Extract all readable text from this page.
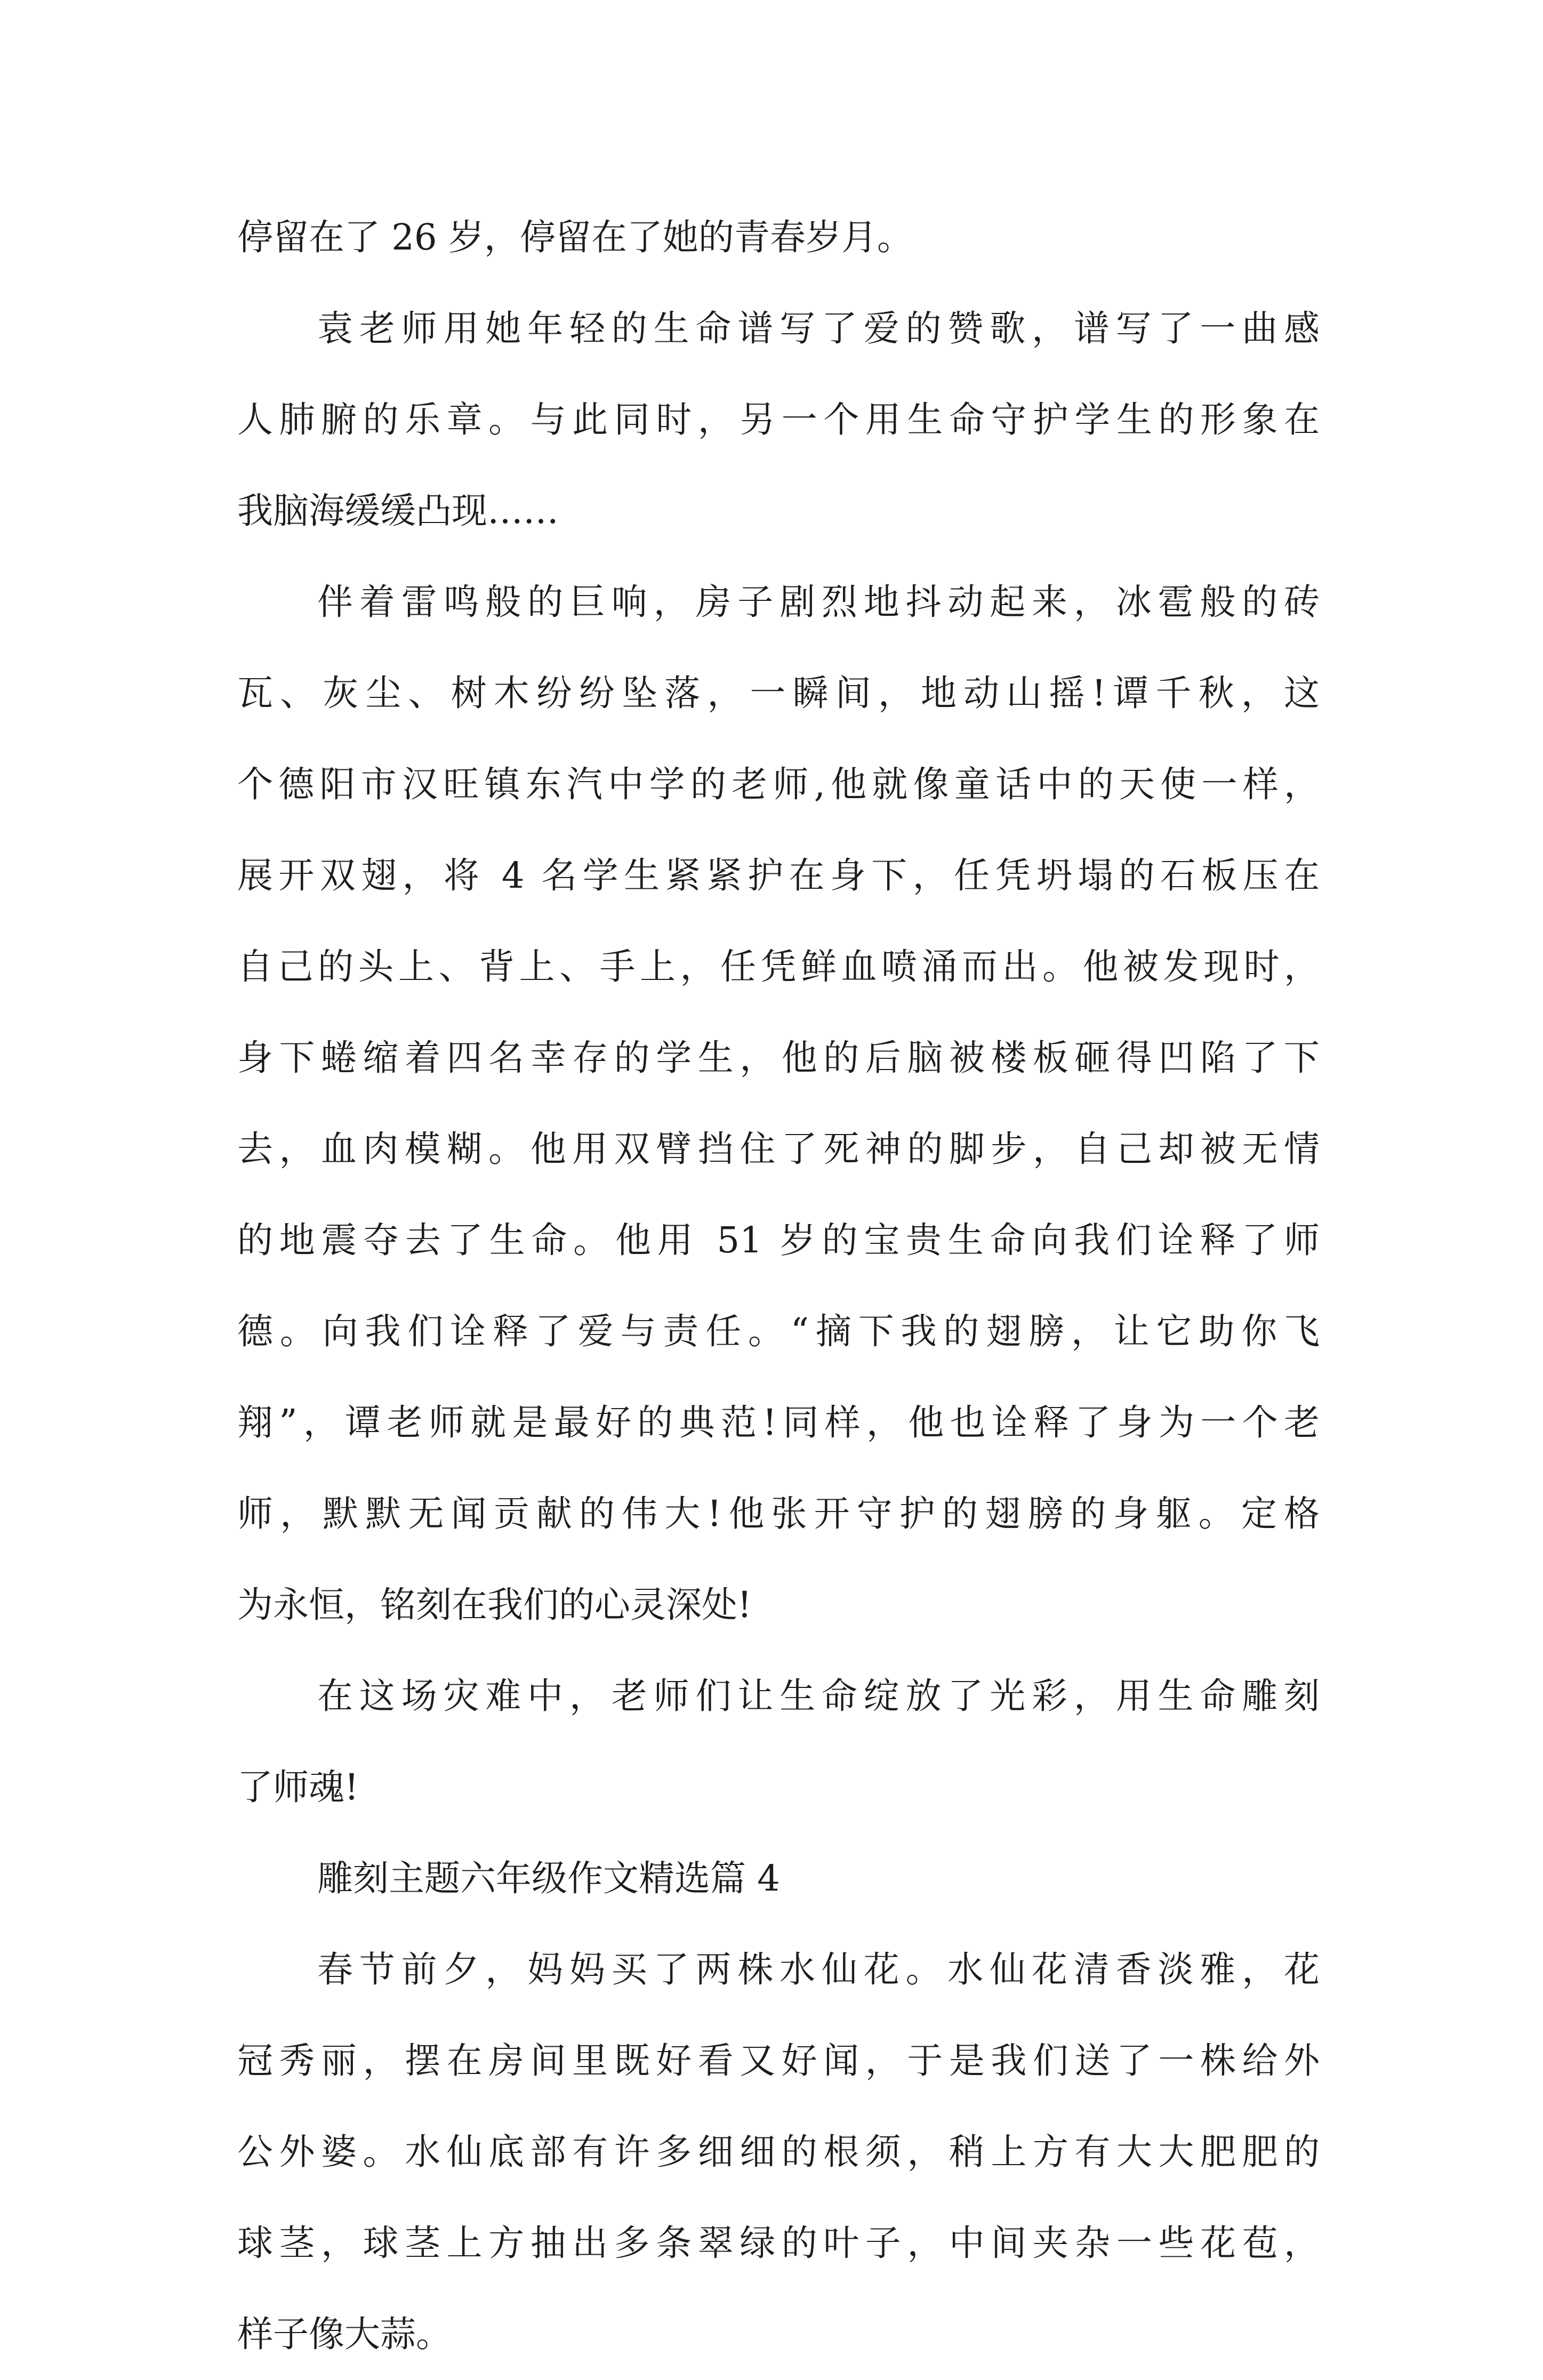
停留在了 26 岁，停留在了她的青春岁月。
袁老师用她年轻的生命谱写了爱的赞歌，谱写了一曲感
人肺腑的乐章。与此同时，另一个用生命守护学生的形象在
我脑海缓缓凸现……
伴着雷鸣般的巨响，房子剧烈地抖动起来，冰雹般的砖
瓦、灰尘、树木纷纷坠落，一瞬间，地动山摇!谭千秋，这
个德阳市汉旺镇东汽中学的老师,他就像童话中的天使一样，
展开双翅，将 4 名学生紧紧护在身下，任凭坍塌的石板压在
自己的头上、背上、手上，任凭鲜血喷涌而出。他被发现时，
身下蜷缩着四名幸存的学生，他的后脑被楼板砸得凹陷了下
去，血肉模糊。他用双臂挡住了死神的脚步，自己却被无情
的地震夺去了生命。他用 51 岁的宝贵生命向我们诠释了师
德。向我们诠释了爱与责任。“摘下我的翅膀，让它助你飞
翔”，谭老师就是最好的典范!同样，他也诠释了身为一个老
师，默默无闻贡献的伟大!他张开守护的翅膀的身躯。定格
为永恒，铭刻在我们的心灵深处!
在这场灾难中，老师们让生命绽放了光彩，用生命雕刻
了师魂!
雕刻主题六年级作文精选篇 4
春节前夕，妈妈买了两株水仙花。水仙花清香淡雅，花
冠秀丽，摆在房间里既好看又好闻，于是我们送了一株给外
公外婆。水仙底部有许多细细的根须，稍上方有大大肥肥的
球茎，球茎上方抽出多条翠绿的叶子，中间夹杂一些花苞，
样子像大蒜。
